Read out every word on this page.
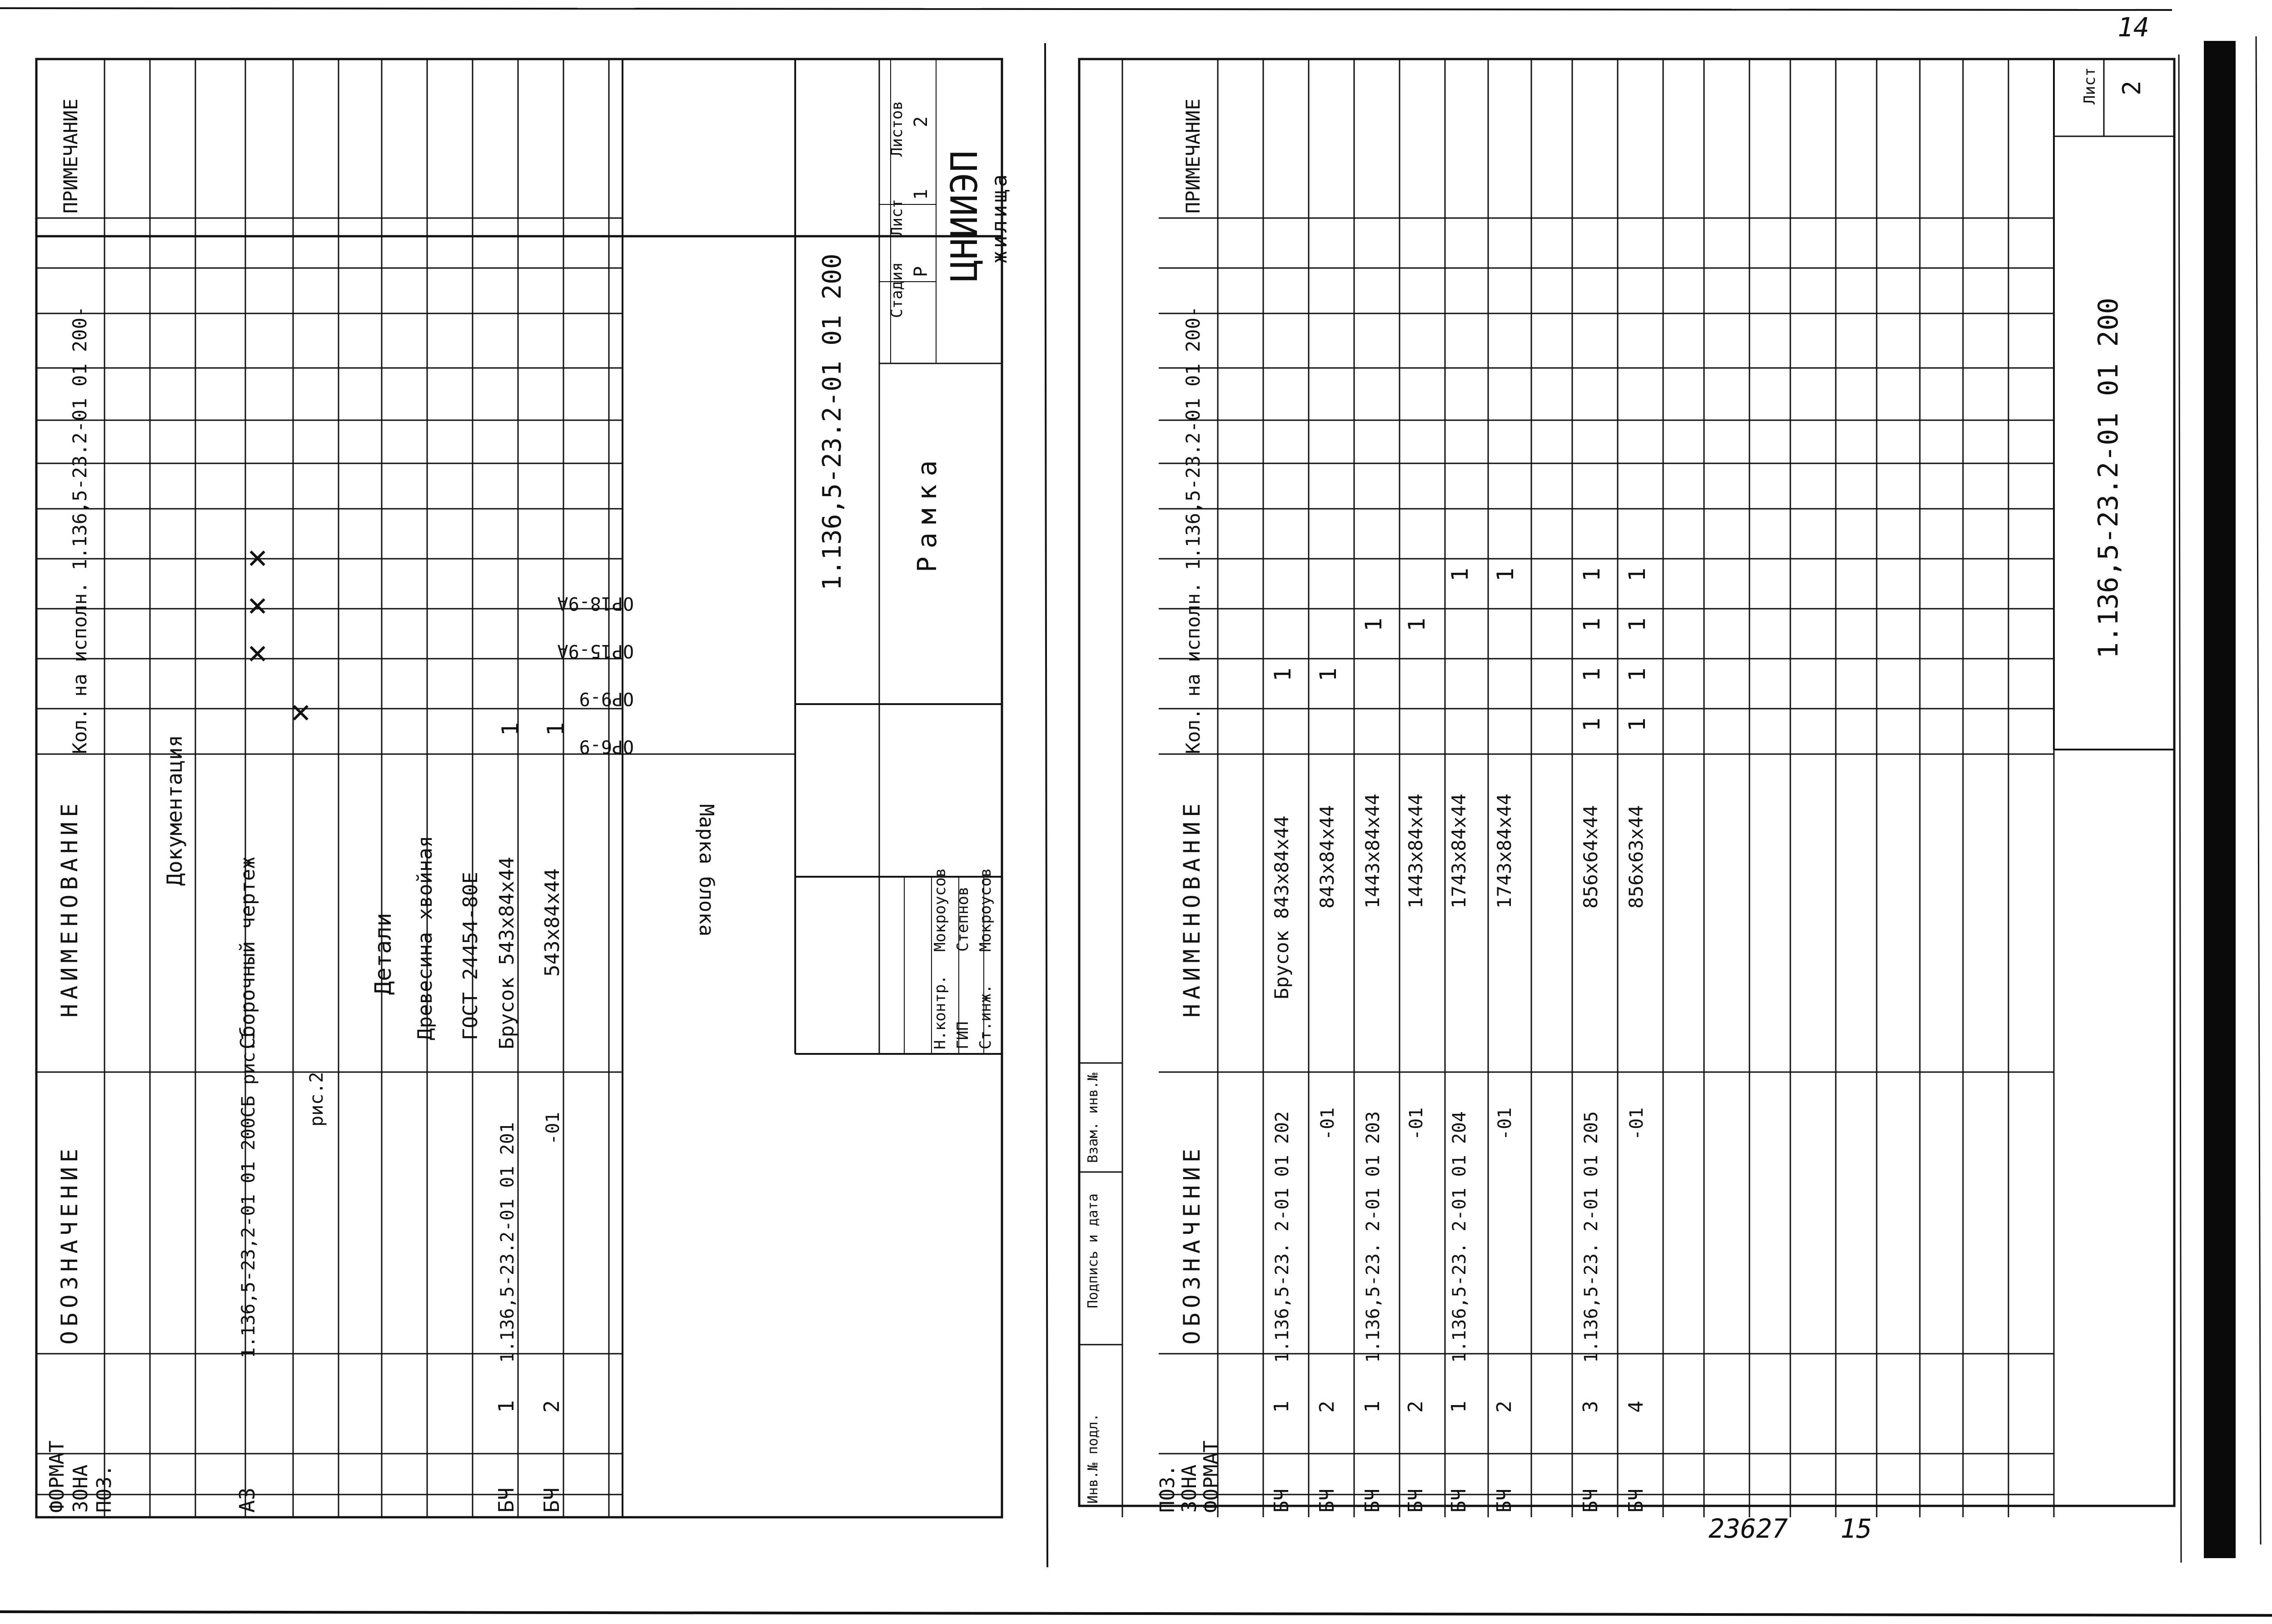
ФОРМАТ ЗОНА ПОЗ.
ОБОЗНАЧЕНИЕ
НАИМЕНОВАНИЕ
Кол. на исполн. 1.136,5-23.2-01 01 200-
ПРИМЕЧАНИЕ
ФОРМАТ
ЗОНА
ПОЗ.
ОБОЗНАЧЕНИЕ
НАИМЕНОВАНИЕ
Кол. на исполн. 1.136,5-23.2-01 01 200-
ПРИМЕЧАНИЕ
Документация
А3
1.136,5-23,2-01 01 200СБ рис.1
Сборочный чертеж
рис.2
Детали Древесина хвойная ГОСТ 24454-80Е
БЧ
1
1.136,5-23.2-01 01 201
Брусок 543х84х44
БЧ
2
-01
543х84х44
✕
✕
✕
✕	1 1
Марка блока
ОР6-9
ОР9-9
ОР15-9А
ОР18-9А
1.136,5-23.2-01 01 200 Рамка
Стадия
Лист
Листов
Р
1
2
ЦНИИЭП жилища
Н.контр.
Мокроусов
ГИП
Степнов
Ст.инж.
Мокроусов
Инв.№ подл.
Подпись и дата
Взам. инв.№
БЧ
1
1.136,5-23. 2-01 01 202
Брусок 843х84х44
БЧ
2
-01
843х84х44
БЧ
1
1.136,5-23. 2-01 01 203
1443х84х44
БЧ
2
-01
1443х84х44
БЧ
1
1.136,5-23. 2-01 01 204
1743х84х44
БЧ
2
-01
1743х84х44
БЧ
3
1.136,5-23. 2-01 01 205
856х64х44
БЧ
4
-01
856х63х44
1 1
1 1
1 1
1
1
1
1
1
1
1
1	1.136,5-23.2-01 01 200
Лист 2
14
23627 15
